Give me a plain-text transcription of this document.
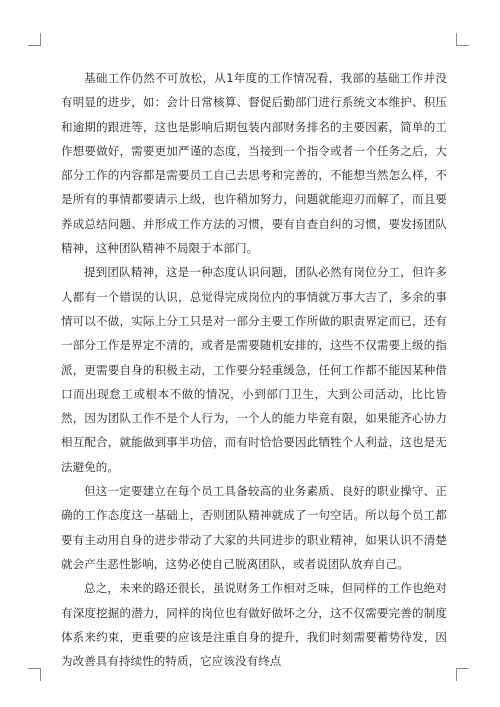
基础工作仍然不可放松，从1年度的工作情况看，我部的基础工作并没有明显的进步，如：会计日常核算、督促后勤部门进行系统文本维护、积压和逾期的跟进等，这也是影响后期包装内部财务排名的主要因素，简单的工作想要做好，需要更加严谨的态度，当接到一个指令或者一个任务之后，大部分工作的内容都是需要员工自己去思考和完善的，不能想当然怎么样，不是所有的事情都要请示上级，也许稍加努力，问题就能迎刃而解了，而且要养成总结问题、并形成工作方法的习惯，要有自查自纠的习惯，要发扬团队精神，这种团队精神不局限于本部门。

提到团队精神，这是一种态度认识问题，团队必然有岗位分工，但许多人都有一个错误的认识，总觉得完成岗位内的事情就万事大吉了，多余的事情可以不做，实际上分工只是对一部分主要工作所做的职责界定而已，还有一部分工作是界定不清的，或者是需要随机安排的，这些不仅需要上级的指派，更需要自身的积极主动，工作要分轻重缓急，任何工作都不能因某种借口而出现怠工或根本不做的情况，小到部门卫生，大到公司活动，比比皆然，因为团队工作不是个人行为，一个人的能力毕竟有限，如果能齐心协力相互配合，就能做到事半功倍，而有时恰恰要因此牺牲个人利益，这也是无法避免的。

但这一定要建立在每个员工具备较高的业务素质、良好的职业操守、正确的工作态度这一基础上，否则团队精神就成了一句空话。所以每个员工都要有主动用自身的进步带动了大家的共同进步的职业精神，如果认识不清楚就会产生恶性影响，这势必使自己脱离团队，或者说团队放弃自己。

总之，未来的路还很长，虽说财务工作相对乏味，但同样的工作也绝对有深度挖掘的潜力，同样的岗位也有做好做坏之分，这不仅需要完善的制度体系来约束，更重要的应该是注重自身的提升，我们时刻需要蓄势待发，因为改善具有持续性的特质，它应该没有终点
